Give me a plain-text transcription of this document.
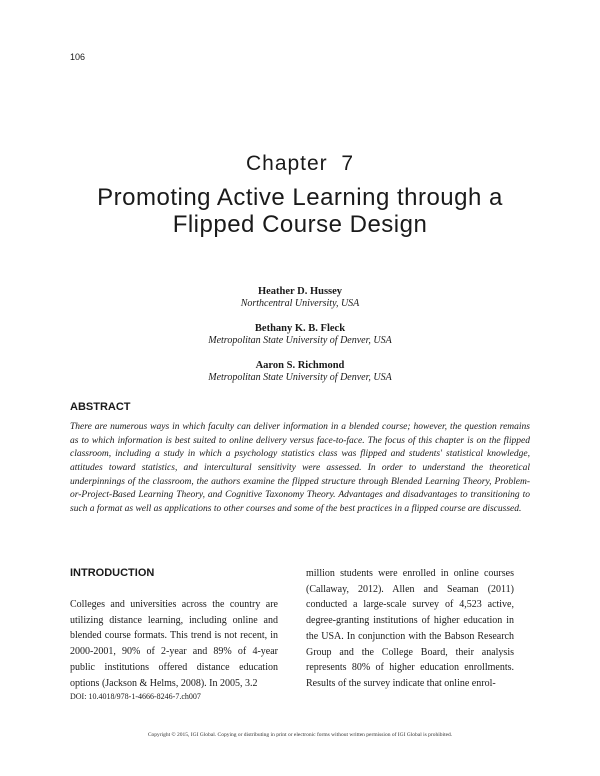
106
Chapter  7
Promoting Active Learning through a Flipped Course Design
Heather D. Hussey
Northcentral University, USA
Bethany K. B. Fleck
Metropolitan State University of Denver, USA
Aaron S. Richmond
Metropolitan State University of Denver, USA
ABSTRACT

There are numerous ways in which faculty can deliver information in a blended course; however, the question remains as to which information is best suited to online delivery versus face-to-face. The focus of this chapter is on the flipped classroom, including a study in which a psychology statistics class was flipped and students' statistical knowledge, attitudes toward statistics, and intercultural sensitivity were assessed. In order to understand the theoretical underpinnings of the classroom, the authors examine the flipped structure through Blended Learning Theory, Problem-or-Project-Based Learning Theory, and Cognitive Taxonomy Theory. Advantages and disadvantages to transitioning to such a format as well as applications to other courses and some of the best practices in a flipped course are discussed.

INTRODUCTION

Colleges and universities across the country are utilizing distance learning, including online and blended course formats. This trend is not recent, in 2000-2001, 90% of 2-year and 89% of 4-year public institutions offered distance education options (Jackson & Helms, 2008). In 2005, 3.2

million students were enrolled in online courses (Callaway, 2012). Allen and Seaman (2011) conducted a large-scale survey of 4,523 active, degree-granting institutions of higher education in the USA. In conjunction with the Babson Research Group and the College Board, their analysis represents 80% of higher education enrollments. Results of the survey indicate that online enrol-

DOI: 10.4018/978-1-4666-8246-7.ch007
Copyright © 2015, IGI Global. Copying or distributing in print or electronic forms without written permission of IGI Global is prohibited.
